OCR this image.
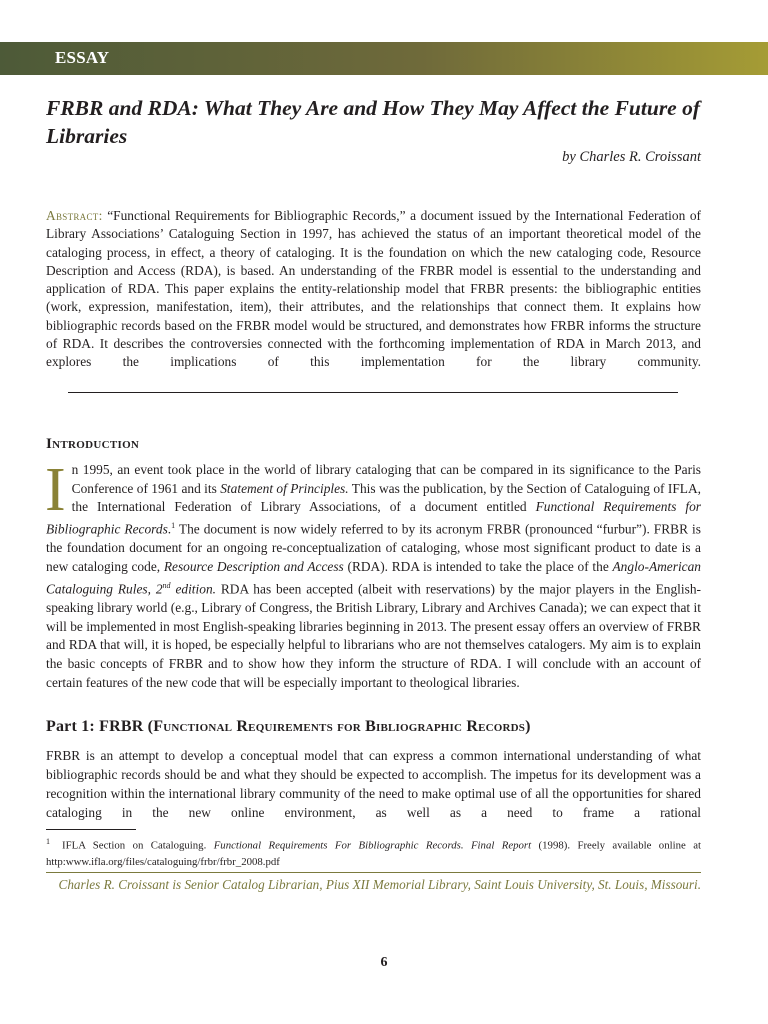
ESSAY
FRBR and RDA: What They Are and How They May Affect the Future of Libraries
by Charles R. Croissant

Abstract: “Functional Requirements for Bibliographic Records,” a document issued by the International Federation of Library Associations’ Cataloguing Section in 1997, has achieved the status of an important theoretical model of the cataloging process, in effect, a theory of cataloging. It is the foundation on which the new cataloging code, Resource Description and Access (RDA), is based. An understanding of the FRBR model is essential to the understanding and application of RDA. This paper explains the entity-relationship model that FRBR presents: the bibliographic entities (work, expression, manifestation, item), their attributes, and the relationships that connect them. It explains how bibliographic records based on the FRBR model would be structured, and demonstrates how FRBR informs the structure of RDA. It describes the controversies connected with the forthcoming implementation of RDA in March 2013, and explores the implications of this implementation for the library community.

Introduction

In 1995, an event took place in the world of library cataloging that can be compared in its significance to the Paris Conference of 1961 and its Statement of Principles. This was the publication, by the Section of Cataloguing of IFLA, the International Federation of Library Associations, of a document entitled Functional Requirements for Bibliographic Records.$^1$ The document is now widely referred to by its acronym FRBR (pronounced “furbur”). FRBR is the foundation document for an ongoing re-conceptualization of cataloging, whose most significant product to date is a new cataloging code, Resource Description and Access (RDA). RDA is intended to take the place of the Anglo-American Cataloguing Rules, 2nd edition. RDA has been accepted (albeit with reservations) by the major players in the English-speaking library world (e.g., Library of Congress, the British Library, Library and Archives Canada); we can expect that it will be implemented in most English-speaking libraries beginning in 2013. The present essay offers an overview of FRBR and RDA that will, it is hoped, be especially helpful to librarians who are not themselves catalogers. My aim is to explain the basic concepts of FRBR and to show how they inform the structure of RDA. I will conclude with an account of certain features of the new code that will be especially important to theological libraries.

Part 1: FRBR (Functional Requirements for Bibliographic Records)

FRBR is an attempt to develop a conceptual model that can express a common international understanding of what bibliographic records should be and what they should be expected to accomplish. The impetus for its development was a recognition within the international library community of the need to make optimal use of all the opportunities for shared cataloging in the new online environment, as well as a need to frame a rational

$^1$ IFLA Section on Cataloguing. Functional Requirements For Bibliographic Records. Final Report (1998). Freely available online at http:www.ifla.org/files/cataloguing/frbr/frbr_2008.pdf

Charles R. Croissant is Senior Catalog Librarian, Pius XII Memorial Library, Saint Louis University, St. Louis, Missouri.

6
